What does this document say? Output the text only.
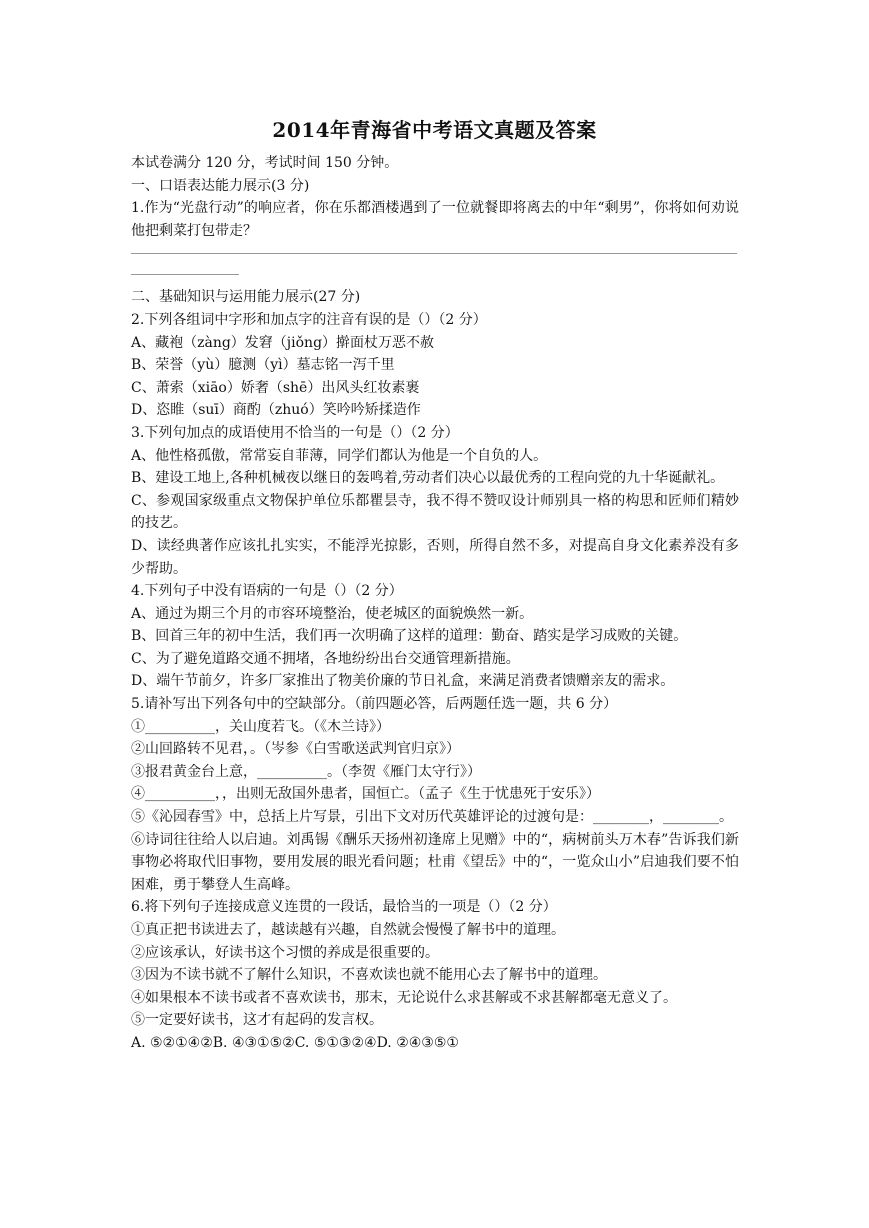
2014年青海省中考语文真题及答案
本试卷满分 120 分，考试时间 150 分钟。
一、口语表达能力展示(3 分)
1.作为“光盘行动”的响应者，你在乐都酒楼遇到了一位就餐即将离去的中年“剩男”，你将如何劝说他把剩菜打包带走？
二、基础知识与运用能力展示(27 分)
2.下列各组词中字形和加点字的注音有误的是（）（2 分）
A、藏袍（zàng）发窘（jiǒng）擀面杖万恶不赦
B、荣誉（yù）臆测（yì）墓志铭一泻千里
C、萧索（xiāo）娇奢（shē）出风头红妆素裹
D、恣睢（suī）商酌（zhuó）笑吟吟矫揉造作
3.下列句加点的成语使用不恰当的一句是（）（2 分）
A、他性格孤傲，常常妄自菲薄，同学们都认为他是一个自负的人。
B、建设工地上,各种机械夜以继日的轰鸣着,劳动者们决心以最优秀的工程向党的九十华诞献礼。
C、参观国家级重点文物保护单位乐都瞿昙寺，我不得不赞叹设计师别具一格的构思和匠师们精妙的技艺。
D、读经典著作应该扎扎实实，不能浮光掠影，否则，所得自然不多，对提高自身文化素养没有多少帮助。
4.下列句子中没有语病的一句是（）（2 分）
A、通过为期三个月的市容环境整治，使老城区的面貌焕然一新。
B、回首三年的初中生活，我们再一次明确了这样的道理：勤奋、踏实是学习成败的关键。
C、为了避免道路交通不拥堵，各地纷纷出台交通管理新措施。
D、端午节前夕，许多厂家推出了物美价廉的节日礼盒，来满足消费者馈赠亲友的需求。
5.请补写出下列各句中的空缺部分。（前四题必答，后两题任选一题，共 6 分）
①__________，关山度若飞。（《木兰诗》）
②山回路转不见君，。（岑参《白雪歌送武判官归京》）
③报君黄金台上意，__________。（李贺《雁门太守行》）
④__________，，出则无敌国外患者，国恒亡。（孟子《生于忧患死于安乐》）
⑤《沁园春雪》中，总括上片写景，引出下文对历代英雄评论的过渡句是：________，________。
⑥诗词往往给人以启迪。刘禹锡《酬乐天扬州初逢席上见赠》中的“，病树前头万木春”告诉我们新事物必将取代旧事物，要用发展的眼光看问题；杜甫《望岳》中的“，一览众山小”启迪我们要不怕困难，勇于攀登人生高峰。
6.将下列句子连接成意义连贯的一段话，最恰当的一项是（）（2 分）
①真正把书读进去了，越读越有兴趣，自然就会慢慢了解书中的道理。
②应该承认，好读书这个习惯的养成是很重要的。
③因为不读书就不了解什么知识，不喜欢读也就不能用心去了解书中的道理。
④如果根本不读书或者不喜欢读书，那末，无论说什么求甚解或不求甚解都毫无意义了。
⑤一定要好读书，这才有起码的发言权。
A. ⑤②①④②B. ④③①⑤②C. ⑤①③②④D. ②④③⑤①
